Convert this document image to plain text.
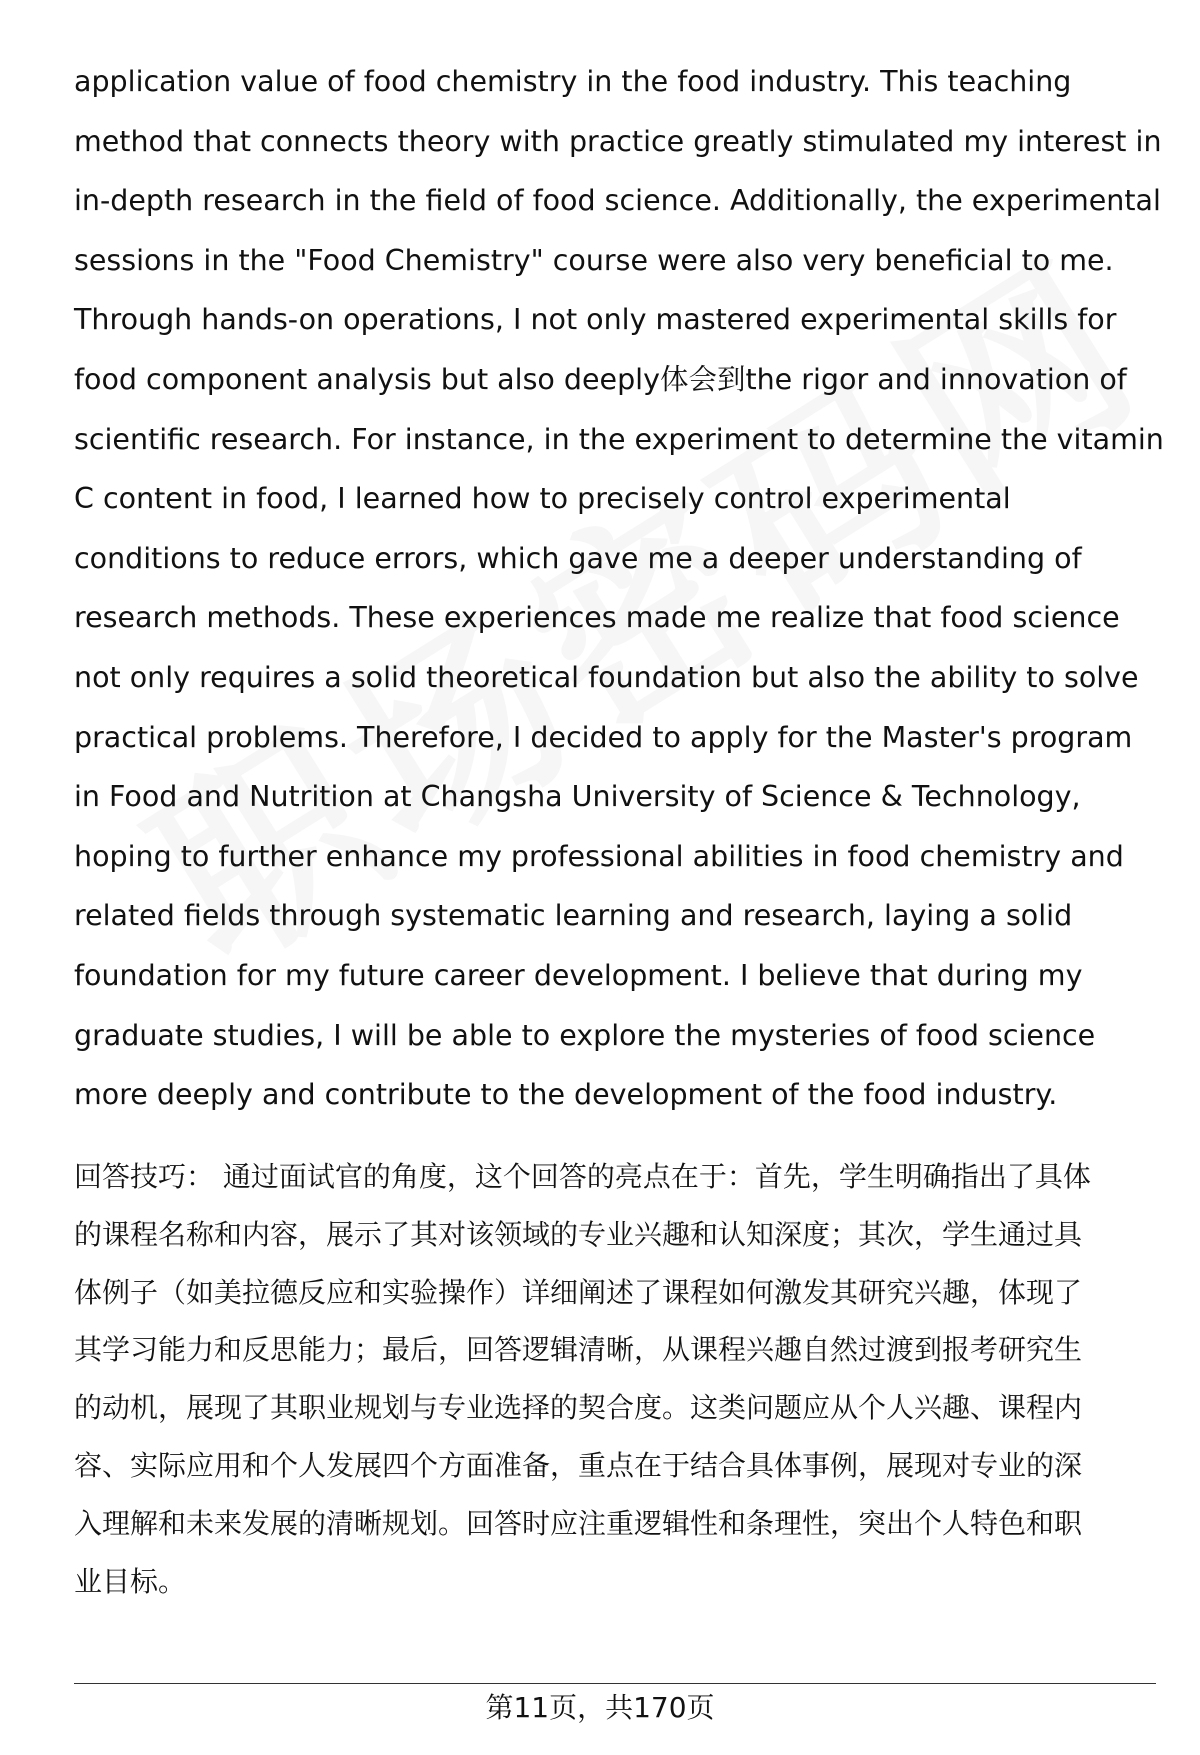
application value of food chemistry in the food industry. This teaching
method that connects theory with practice greatly stimulated my interest in
in-depth research in the field of food science. Additionally, the experimental
sessions in the "Food Chemistry" course were also very beneficial to me.
Through hands-on operations, I not only mastered experimental skills for
food component analysis but also deeply体会到the rigor and innovation of
scientific research. For instance, in the experiment to determine the vitamin
C content in food, I learned how to precisely control experimental
conditions to reduce errors, which gave me a deeper understanding of
research methods. These experiences made me realize that food science
not only requires a solid theoretical foundation but also the ability to solve
practical problems. Therefore, I decided to apply for the Master's program
in Food and Nutrition at Changsha University of Science & Technology,
hoping to further enhance my professional abilities in food chemistry and
related fields through systematic learning and research, laying a solid
foundation for my future career development. I believe that during my
graduate studies, I will be able to explore the mysteries of food science
more deeply and contribute to the development of the food industry.

回答技巧： 通过面试官的角度，这个回答的亮点在于：首先，学生明确指出了具体
的课程名称和内容，展示了其对该领域的专业兴趣和认知深度；其次，学生通过具
体例子（如美拉德反应和实验操作）详细阐述了课程如何激发其研究兴趣，体现了
其学习能力和反思能力；最后，回答逻辑清晰，从课程兴趣自然过渡到报考研究生
的动机，展现了其职业规划与专业选择的契合度。这类问题应从个人兴趣、课程内
容、实际应用和个人发展四个方面准备，重点在于结合具体事例，展现对专业的深
入理解和未来发展的清晰规划。回答时应注重逻辑性和条理性，突出个人特色和职
业目标。

第11页，共170页
